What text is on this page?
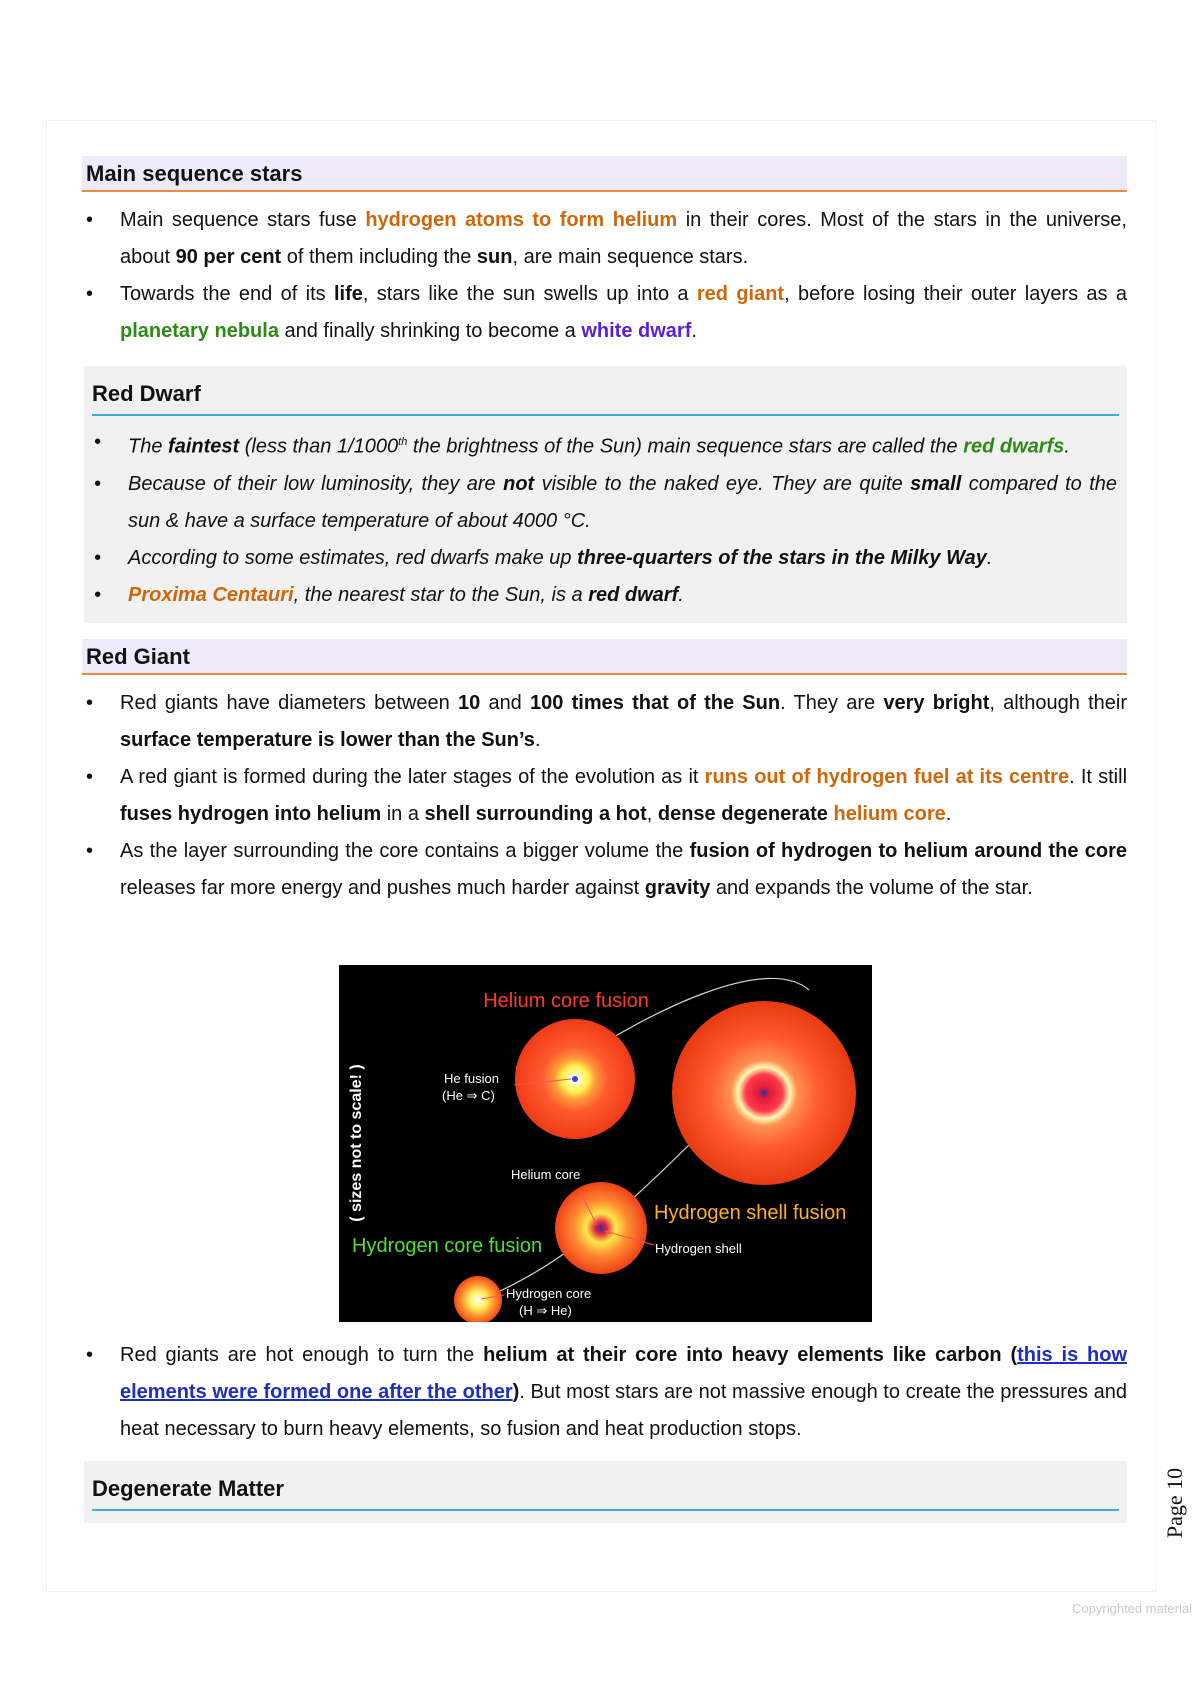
Main sequence stars
• Main sequence stars fuse hydrogen atoms to form helium in their cores. Most of the stars in the universe, about 90 per cent of them including the sun, are main sequence stars.
• Towards the end of its life, stars like the sun swells up into a red giant, before losing their outer layers as a planetary nebula and finally shrinking to become a white dwarf.
Red Dwarf
• The faintest (less than 1/1000th the brightness of the Sun) main sequence stars are called the red dwarfs.
• Because of their low luminosity, they are not visible to the naked eye. They are quite small compared to the sun & have a surface temperature of about 4000 °C.
• According to some estimates, red dwarfs make up three-quarters of the stars in the Milky Way.
• Proxima Centauri, the nearest star to the Sun, is a red dwarf.
Red Giant
• Red giants have diameters between 10 and 100 times that of the Sun. They are very bright, although their surface temperature is lower than the Sun’s.
• A red giant is formed during the later stages of the evolution as it runs out of hydrogen fuel at its centre. It still fuses hydrogen into helium in a shell surrounding a hot, dense degenerate helium core.
• As the layer surrounding the core contains a bigger volume the fusion of hydrogen to helium around the core releases far more energy and pushes much harder against gravity and expands the volume of the star.
Helium core fusion
( sizes not to scale! )	He fusion
(He ⇒ C)
Helium core
Hydrogen shell fusion
Hydrogen shell
Hydrogen core fusion
Hydrogen core
(H ⇒ He)
• Red giants are hot enough to turn the helium at their core into heavy elements like carbon (this is how elements were formed one after the other). But most stars are not massive enough to create the pressures and heat necessary to burn heavy elements, so fusion and heat production stops.
Degenerate Matter	Page 10
Copyrighted material
